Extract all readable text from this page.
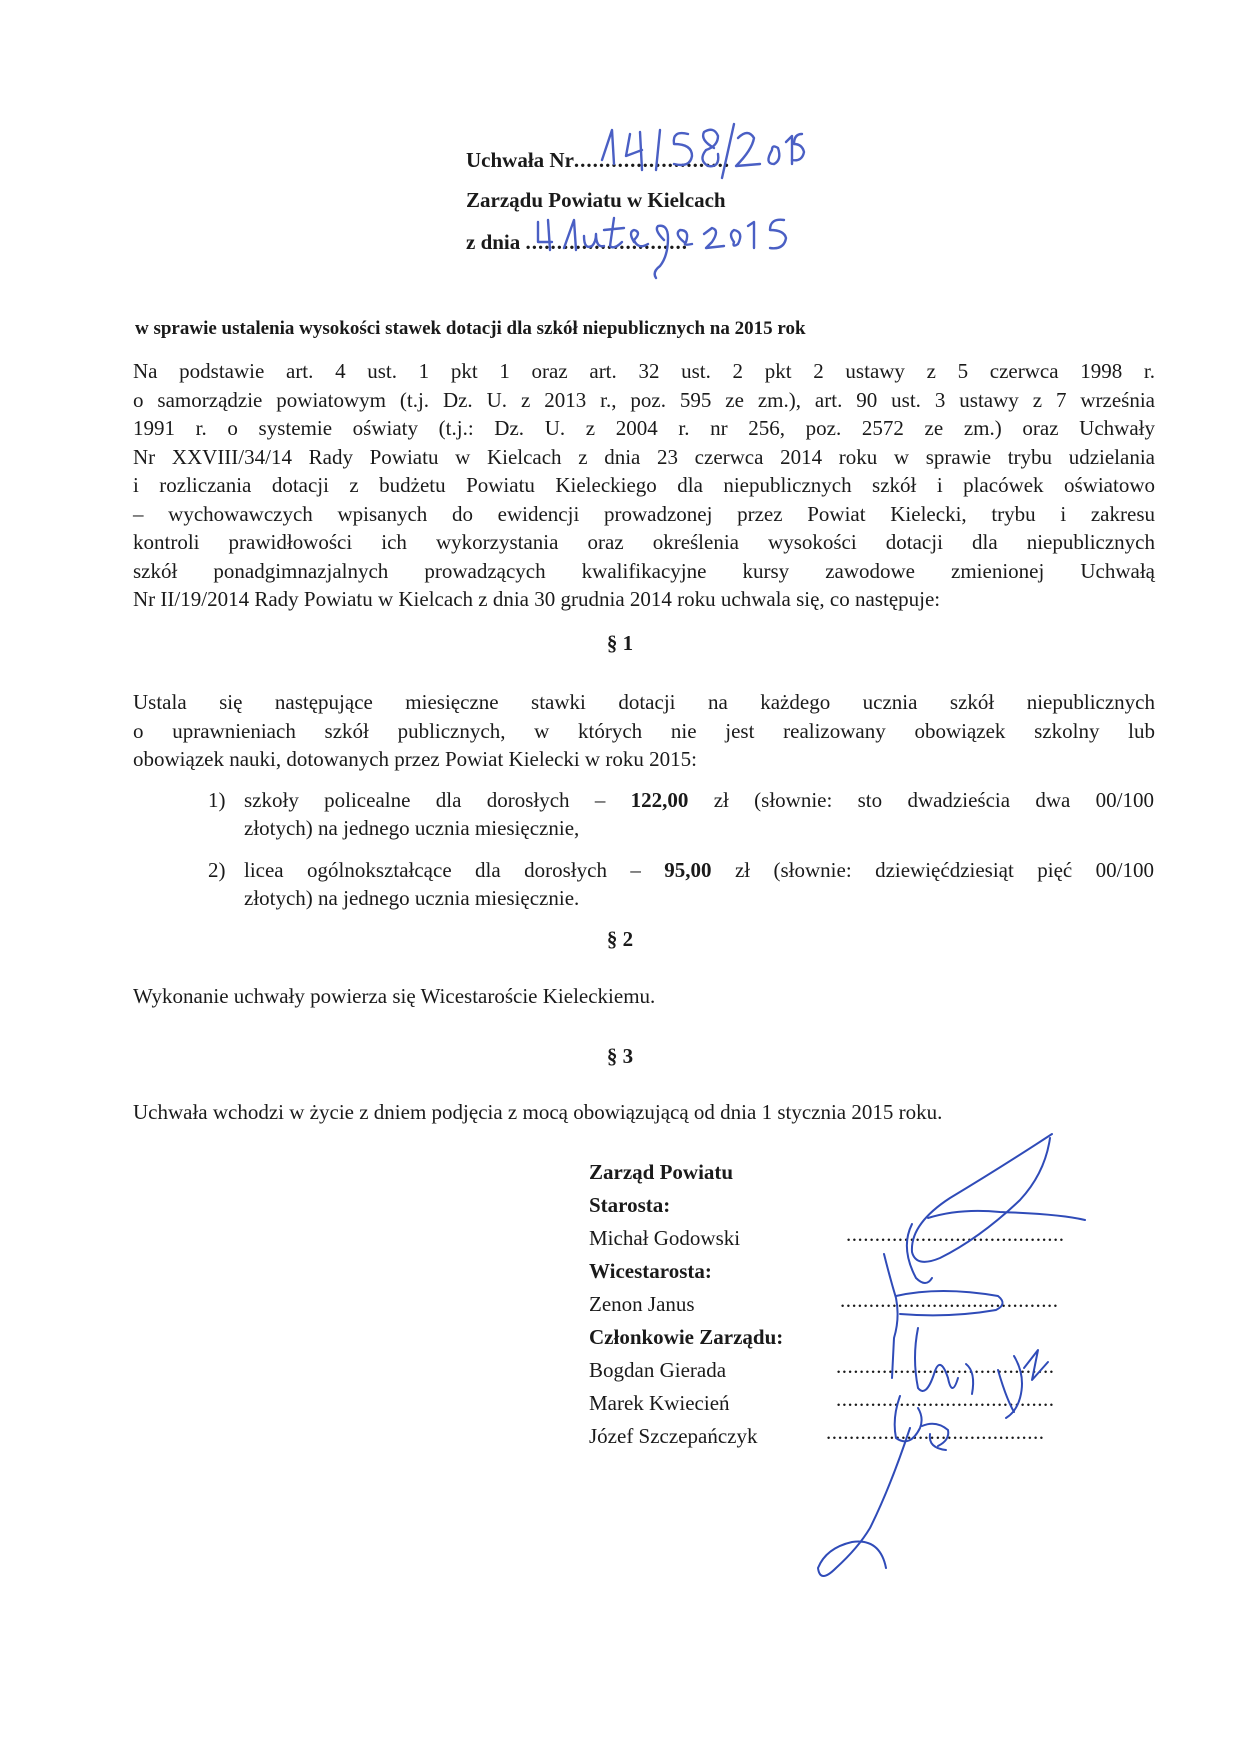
Uchwała Nr.........................
Zarządu Powiatu w Kielcach
z dnia ..........................
w sprawie ustalenia wysokości stawek dotacji dla szkół niepublicznych na 2015 rok
Na podstawie art. 4 ust. 1 pkt 1 oraz art. 32 ust. 2 pkt 2 ustawy z 5 czerwca 1998 r.
o samorządzie powiatowym (t.j. Dz. U. z 2013 r., poz. 595 ze zm.), art. 90 ust. 3 ustawy z 7 września
1991 r. o systemie oświaty (t.j.: Dz. U. z 2004 r. nr 256, poz. 2572 ze zm.) oraz Uchwały
Nr XXVIII/34/14 Rady Powiatu w Kielcach z dnia 23 czerwca 2014 roku w sprawie trybu udzielania
i rozliczania dotacji z budżetu Powiatu Kieleckiego dla niepublicznych szkół i placówek oświatowo
– wychowawczych wpisanych do ewidencji prowadzonej przez Powiat Kielecki, trybu i zakresu
kontroli prawidłowości ich wykorzystania oraz określenia wysokości dotacji dla niepublicznych
szkół ponadgimnazjalnych prowadzących kwalifikacyjne kursy zawodowe zmienionej Uchwałą
Nr II/19/2014 Rady Powiatu w Kielcach z dnia 30 grudnia 2014 roku uchwala się, co następuje:
§ 1
Ustala się następujące miesięczne stawki dotacji na każdego ucznia szkół niepublicznych
o uprawnieniach szkół publicznych, w których nie jest realizowany obowiązek szkolny lub
obowiązek nauki, dotowanych przez Powiat Kielecki w roku 2015:
1) szkoły policealne dla dorosłych – 122,00 zł (słownie: sto dwadzieścia dwa 00/100
złotych) na jednego ucznia miesięcznie,
2) licea ogólnokształcące dla dorosłych – 95,00 zł (słownie: dziewięćdziesiąt pięć 00/100
złotych) na jednego ucznia miesięcznie.
§ 2
Wykonanie uchwały powierza się Wicestaroście Kieleckiemu.
§ 3
Uchwała wchodzi w życie z dniem podjęcia z mocą obowiązującą od dnia 1 stycznia 2015 roku.
Zarząd Powiatu
Starosta:
Michał Godowski
Wicestarosta:
Zenon Janus
Członkowie Zarządu:
Bogdan Gierada
Marek Kwiecień
Józef Szczepańczyk
......................................
......................................
......................................
......................................
......................................
